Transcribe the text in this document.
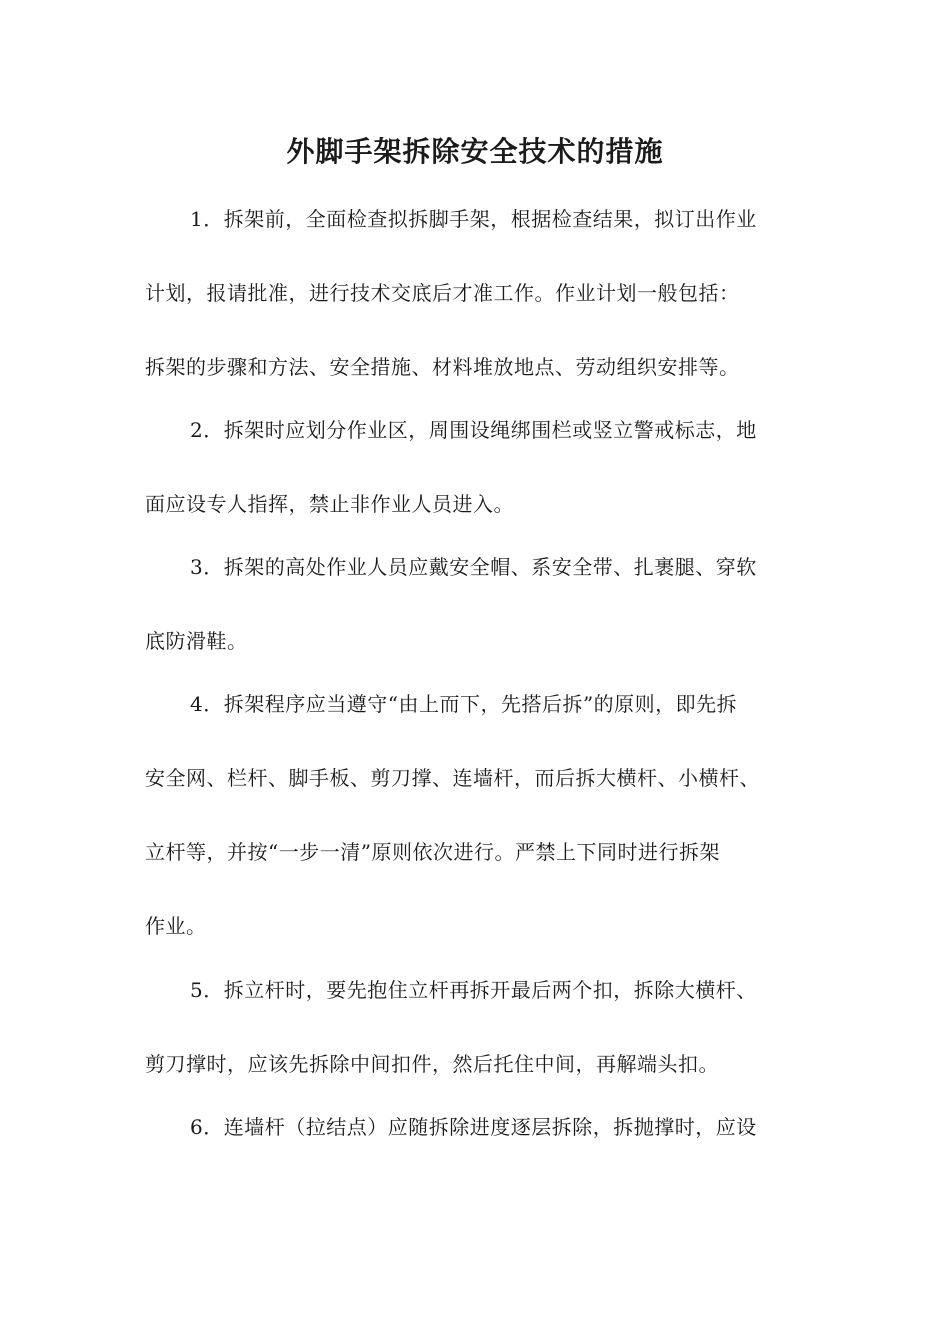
外脚手架拆除安全技术的措施
1．拆架前，全面检查拟拆脚手架，根据检查结果，拟订出作业
计划，报请批准，进行技术交底后才准工作。作业计划一般包括：
拆架的步骤和方法、安全措施、材料堆放地点、劳动组织安排等。
2．拆架时应划分作业区，周围设绳绑围栏或竖立警戒标志，地
面应设专人指挥，禁止非作业人员进入。
3．拆架的高处作业人员应戴安全帽、系安全带、扎裹腿、穿软
底防滑鞋。
4．拆架程序应当遵守“由上而下，先搭后拆”的原则，即先拆
安全网、栏杆、脚手板、剪刀撑、连墙杆，而后拆大横杆、小横杆、
立杆等，并按“一步一清”原则依次进行。严禁上下同时进行拆架
作业。
5．拆立杆时，要先抱住立杆再拆开最后两个扣，拆除大横杆、
剪刀撑时，应该先拆除中间扣件，然后托住中间，再解端头扣。
6．连墙杆（拉结点）应随拆除进度逐层拆除，拆抛撑时，应设
